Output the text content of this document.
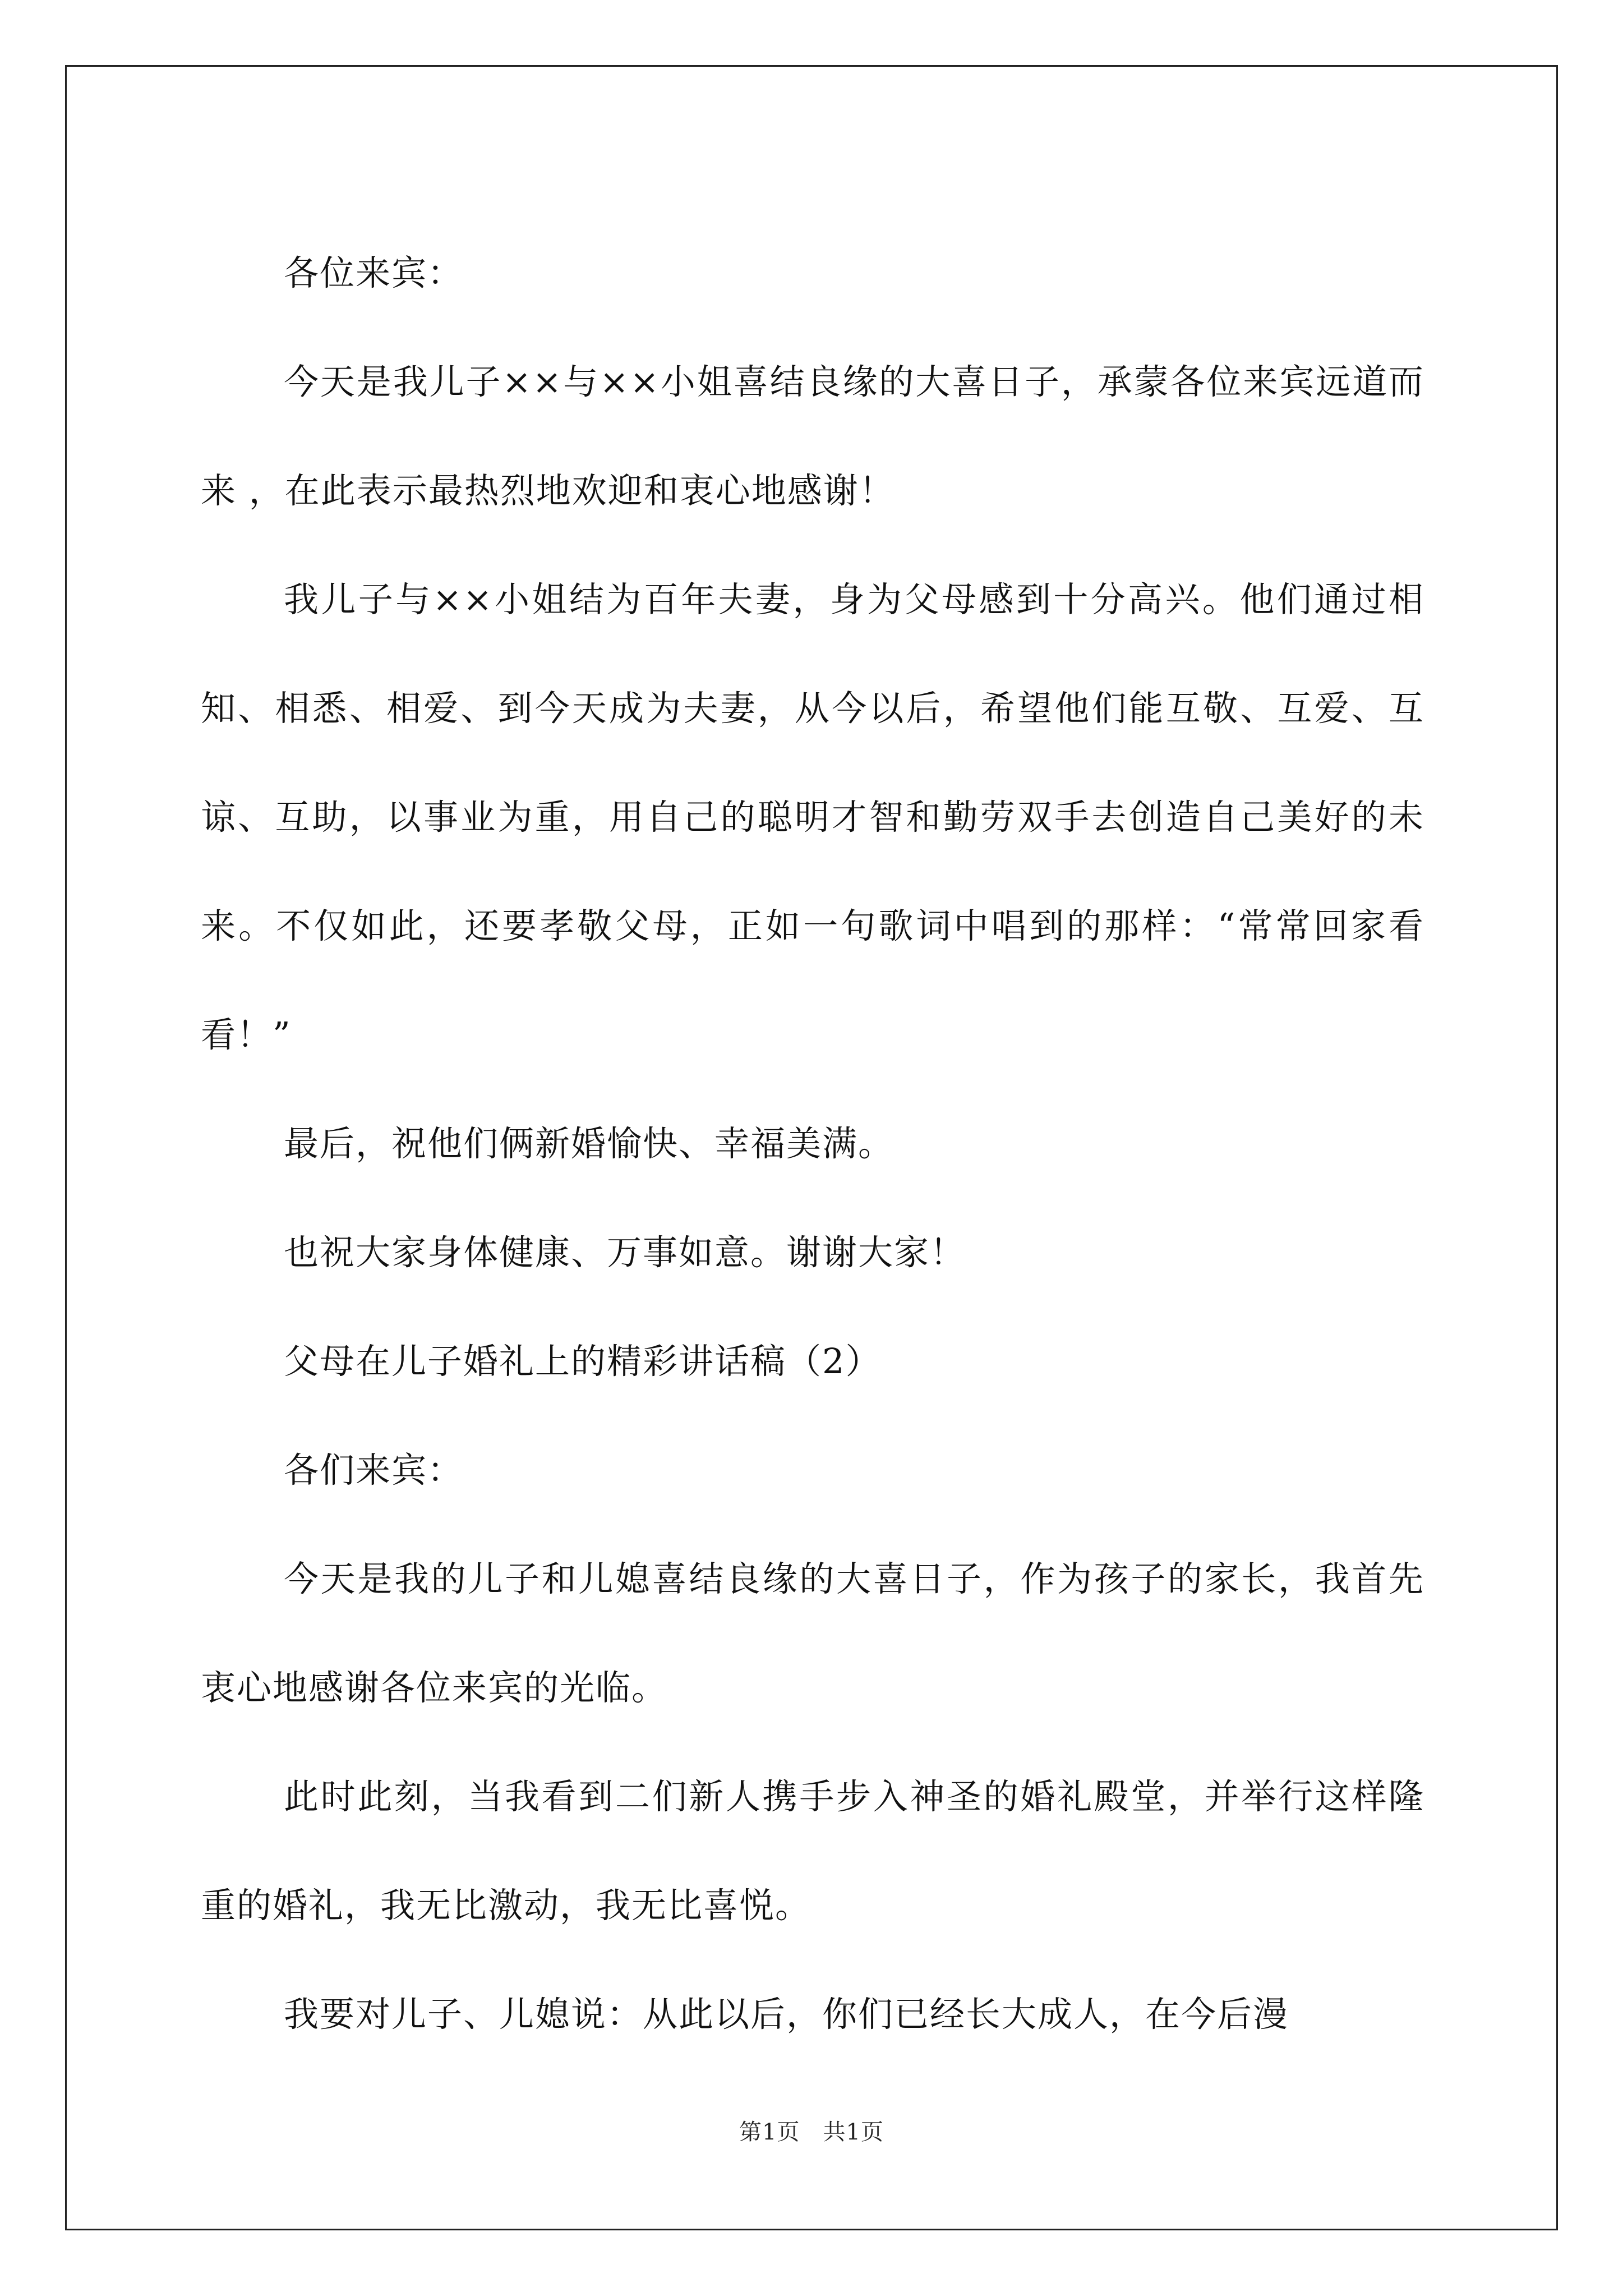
各位来宾：

今天是我儿子××与××小姐喜结良缘的大喜日子，承蒙各位来宾远道而来 ，在此表示最热烈地欢迎和衷心地感谢！

我儿子与××小姐结为百年夫妻，身为父母感到十分高兴。他们通过相知、相悉、相爱、到今天成为夫妻，从今以后，希望他们能互敬、互爱、互谅、互助，以事业为重，用自己的聪明才智和勤劳双手去创造自己美好的未来。不仅如此，还要孝敬父母，正如一句歌词中唱到的那样：“常常回家看看！”

最后，祝他们俩新婚愉快、幸福美满。

也祝大家身体健康、万事如意。谢谢大家！

父母在儿子婚礼上的精彩讲话稿（2）

各们来宾：

今天是我的儿子和儿媳喜结良缘的大喜日子，作为孩子的家长，我首先衷心地感谢各位来宾的光临。

此时此刻，当我看到二们新人携手步入神圣的婚礼殿堂，并举行这样隆重的婚礼，我无比激动，我无比喜悦。

我要对儿子、儿媳说：从此以后，你们已经长大成人，在今后漫

第1页　共1页
